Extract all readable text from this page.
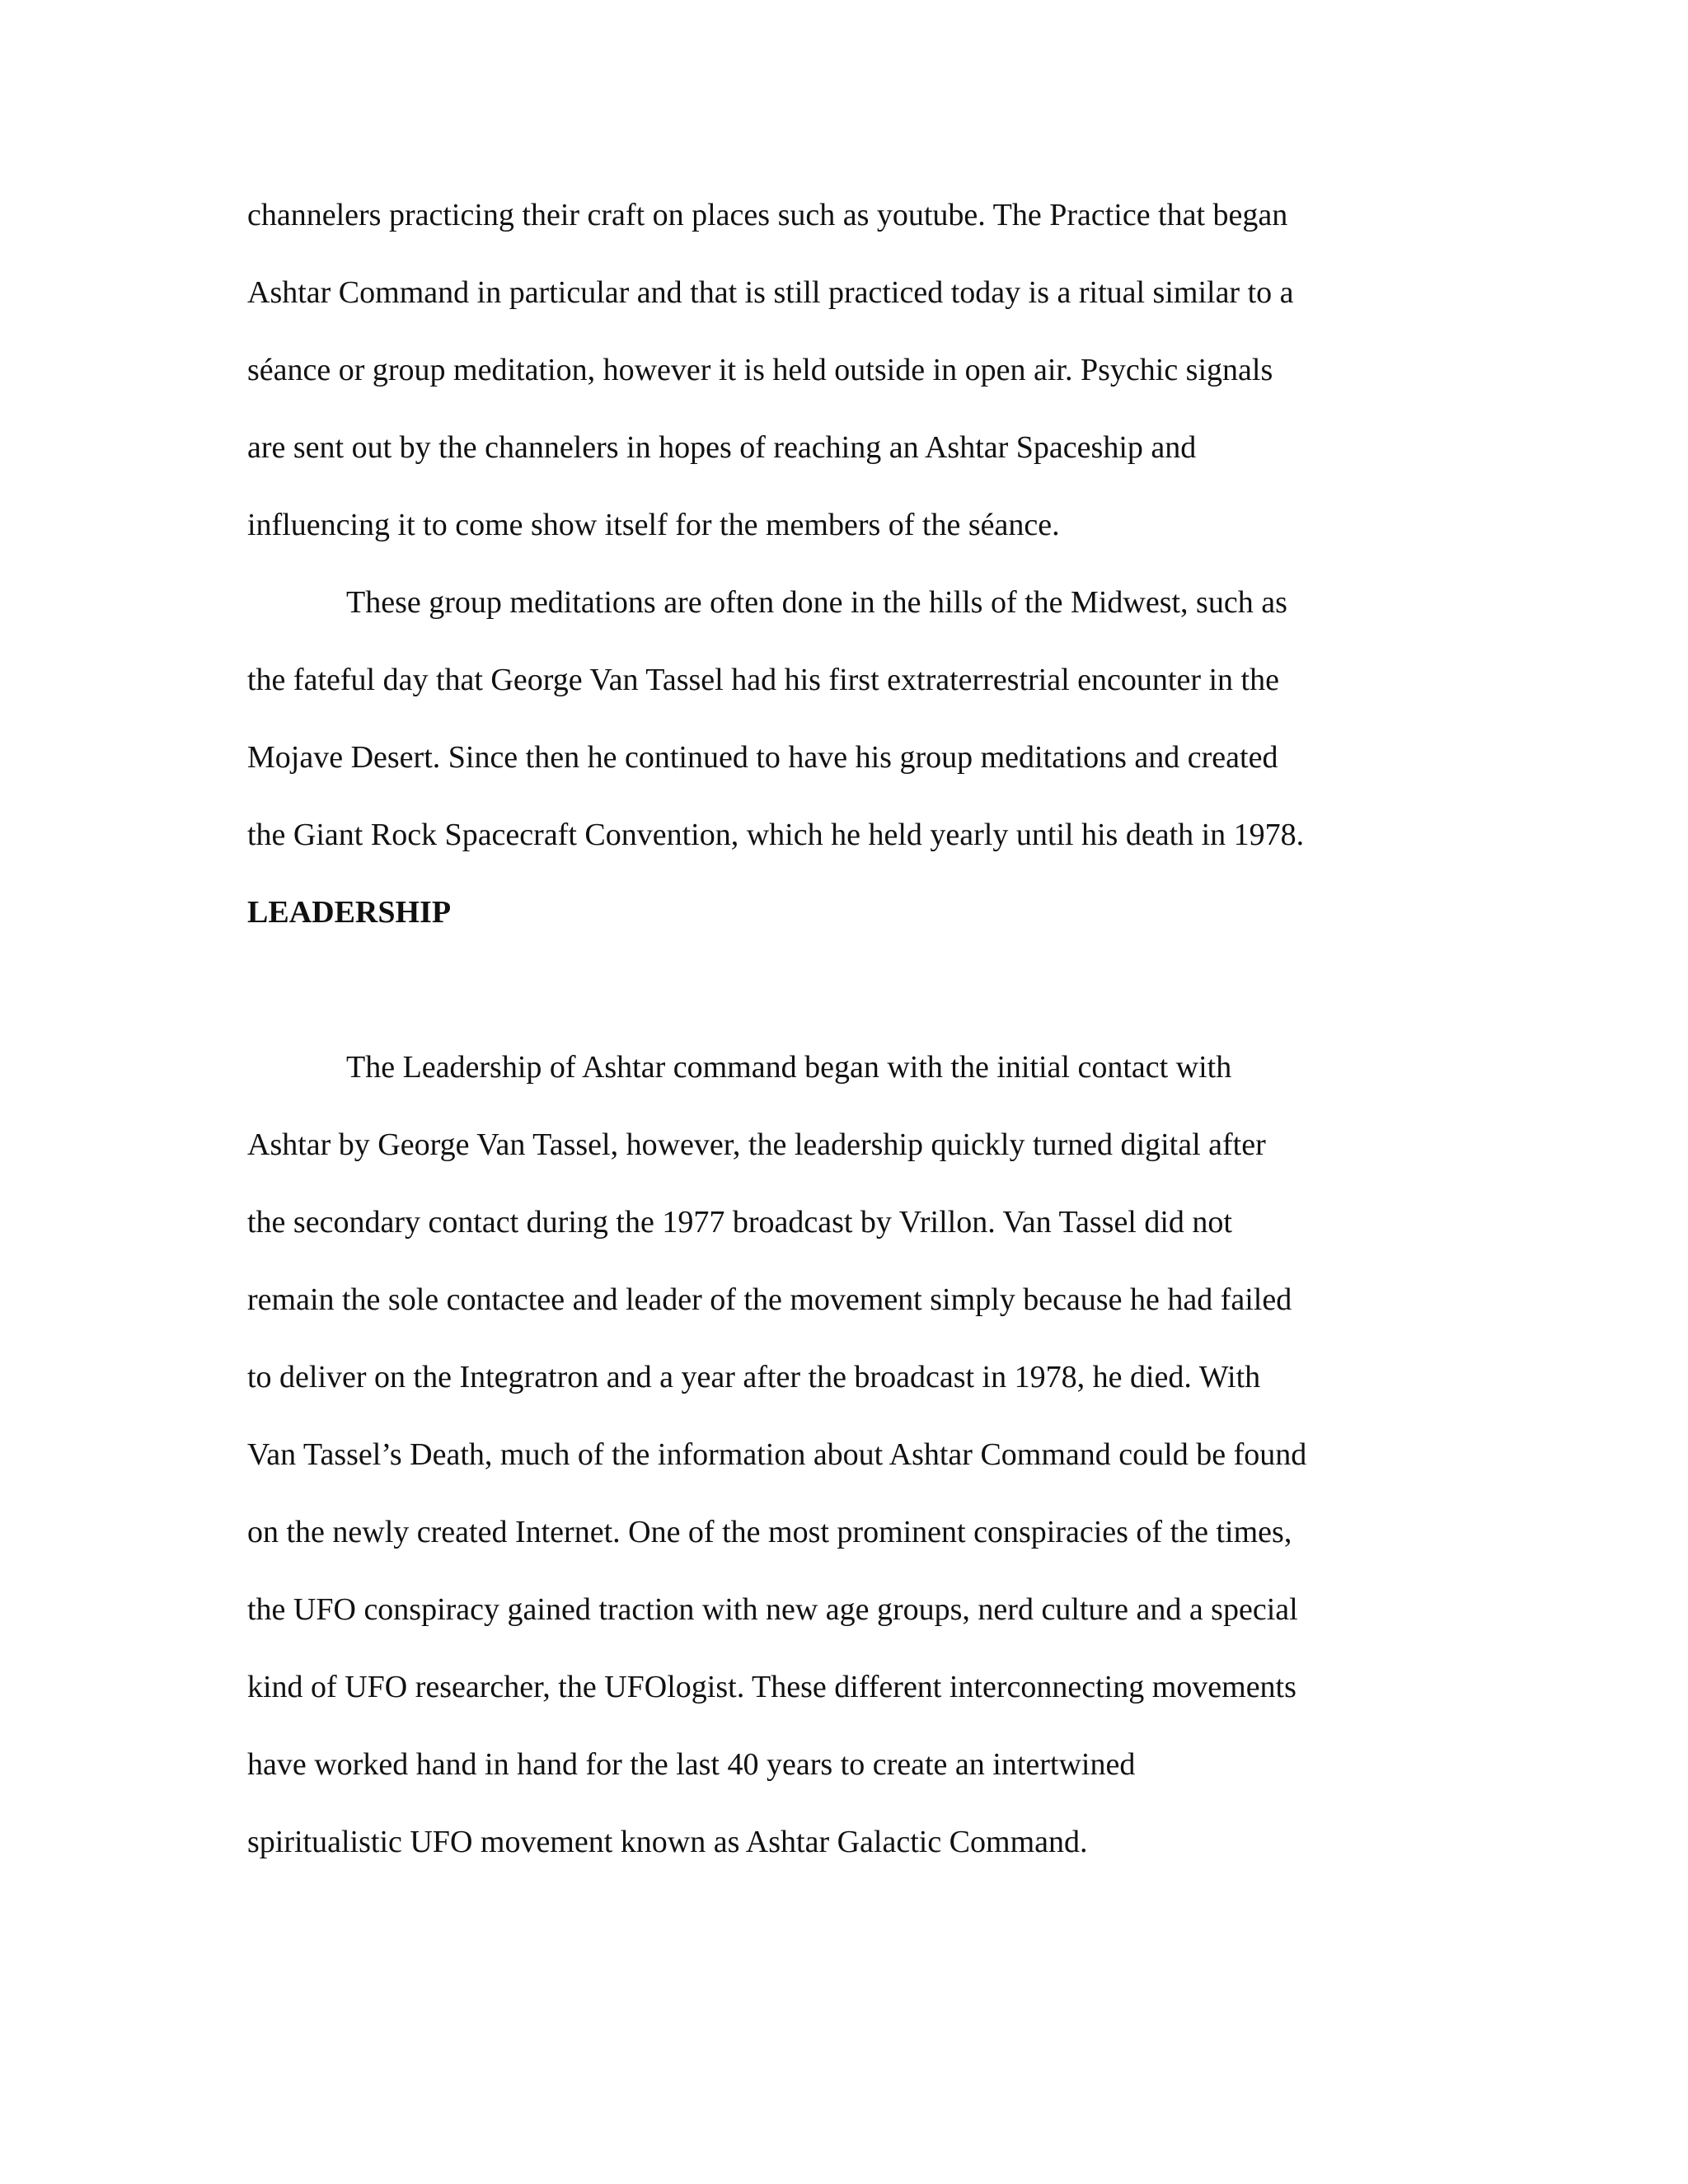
channelers practicing their craft on places such as youtube. The Practice that began
Ashtar Command in particular and that is still practiced today is a ritual similar to a
séance or group meditation, however it is held outside in open air. Psychic signals
are sent out by the channelers in hopes of reaching an Ashtar Spaceship and
influencing it to come show itself for the members of the séance.
These group meditations are often done in the hills of the Midwest, such as
the fateful day that George Van Tassel had his first extraterrestrial encounter in the
Mojave Desert. Since then he continued to have his group meditations and created
the Giant Rock Spacecraft Convention, which he held yearly until his death in 1978.
LEADERSHIP
The Leadership of Ashtar command began with the initial contact with
Ashtar by George Van Tassel, however, the leadership quickly turned digital after
the secondary contact during the 1977 broadcast by Vrillon. Van Tassel did not
remain the sole contactee and leader of the movement simply because he had failed
to deliver on the Integratron and a year after the broadcast in 1978, he died. With
Van Tassel’s Death, much of the information about Ashtar Command could be found
on the newly created Internet. One of the most prominent conspiracies of the times,
the UFO conspiracy gained traction with new age groups, nerd culture and a special
kind of UFO researcher, the UFOlogist. These different interconnecting movements
have worked hand in hand for the last 40 years to create an intertwined
spiritualistic UFO movement known as Ashtar Galactic Command.
